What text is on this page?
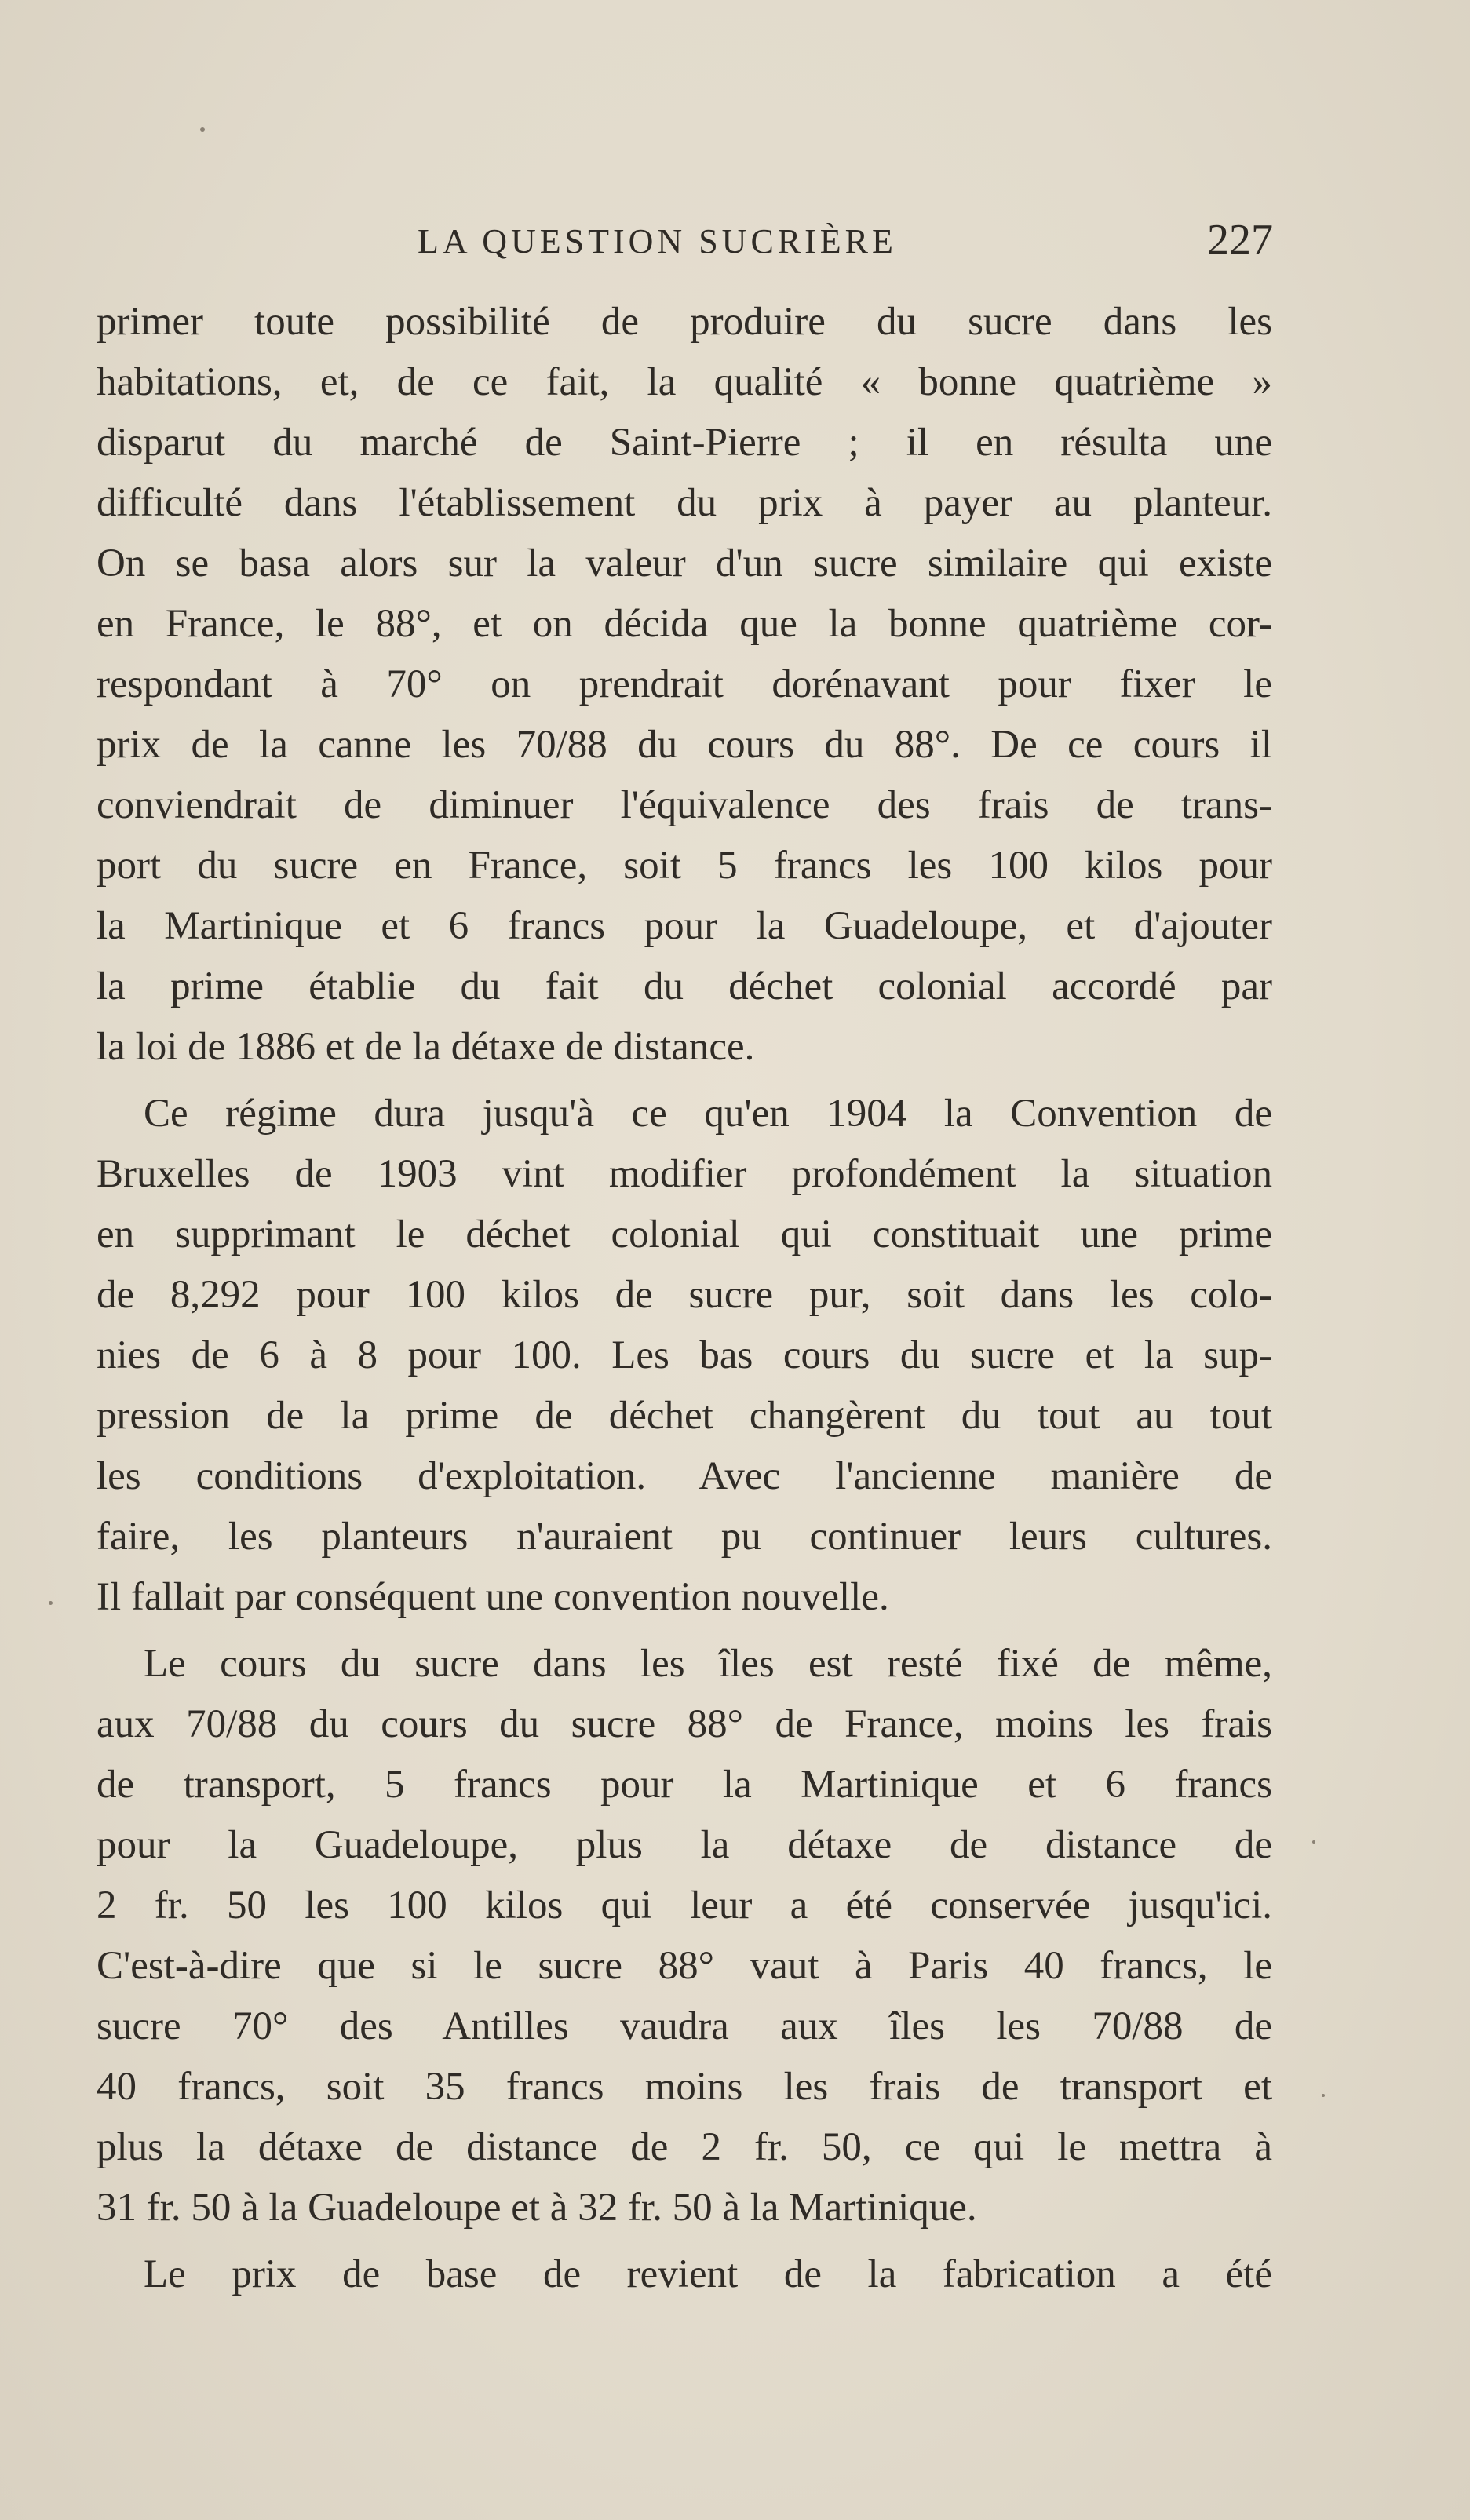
LA QUESTION SUCRIÈRE	227
primer toute possibilité de produire du sucre dans les
habitations, et, de ce fait, la qualité « bonne quatrième »
disparut du marché de Saint-Pierre ; il en résulta une
difficulté dans l'établissement du prix à payer au planteur.
On se basa alors sur la valeur d'un sucre similaire qui existe
en France, le 88°, et on décida que la bonne quatrième cor-
respondant à 70° on prendrait dorénavant pour fixer le
prix de la canne les 70/88 du cours du 88°. De ce cours il
conviendrait de diminuer l'équivalence des frais de trans-
port du sucre en France, soit 5 francs les 100 kilos pour
la Martinique et 6 francs pour la Guadeloupe, et d'ajouter
la prime établie du fait du déchet colonial accordé par
la loi de 1886 et de la détaxe de distance.
Ce régime dura jusqu'à ce qu'en 1904 la Convention de
Bruxelles de 1903 vint modifier profondément la situation
en supprimant le déchet colonial qui constituait une prime
de 8,292 pour 100 kilos de sucre pur, soit dans les colo-
nies de 6 à 8 pour 100. Les bas cours du sucre et la sup-
pression de la prime de déchet changèrent du tout au tout
les conditions d'exploitation. Avec l'ancienne manière de
faire, les planteurs n'auraient pu continuer leurs cultures.
Il fallait par conséquent une convention nouvelle.
Le cours du sucre dans les îles est resté fixé de même,
aux 70/88 du cours du sucre 88° de France, moins les frais
de transport, 5 francs pour la Martinique et 6 francs
pour la Guadeloupe, plus la détaxe de distance de
2 fr. 50 les 100 kilos qui leur a été conservée jusqu'ici.
C'est-à-dire que si le sucre 88° vaut à Paris 40 francs, le
sucre 70° des Antilles vaudra aux îles les 70/88 de
40 francs, soit 35 francs moins les frais de transport et
plus la détaxe de distance de 2 fr. 50, ce qui le mettra à
31 fr. 50 à la Guadeloupe et à 32 fr. 50 à la Martinique.
Le prix de base de revient de la fabrication a été
